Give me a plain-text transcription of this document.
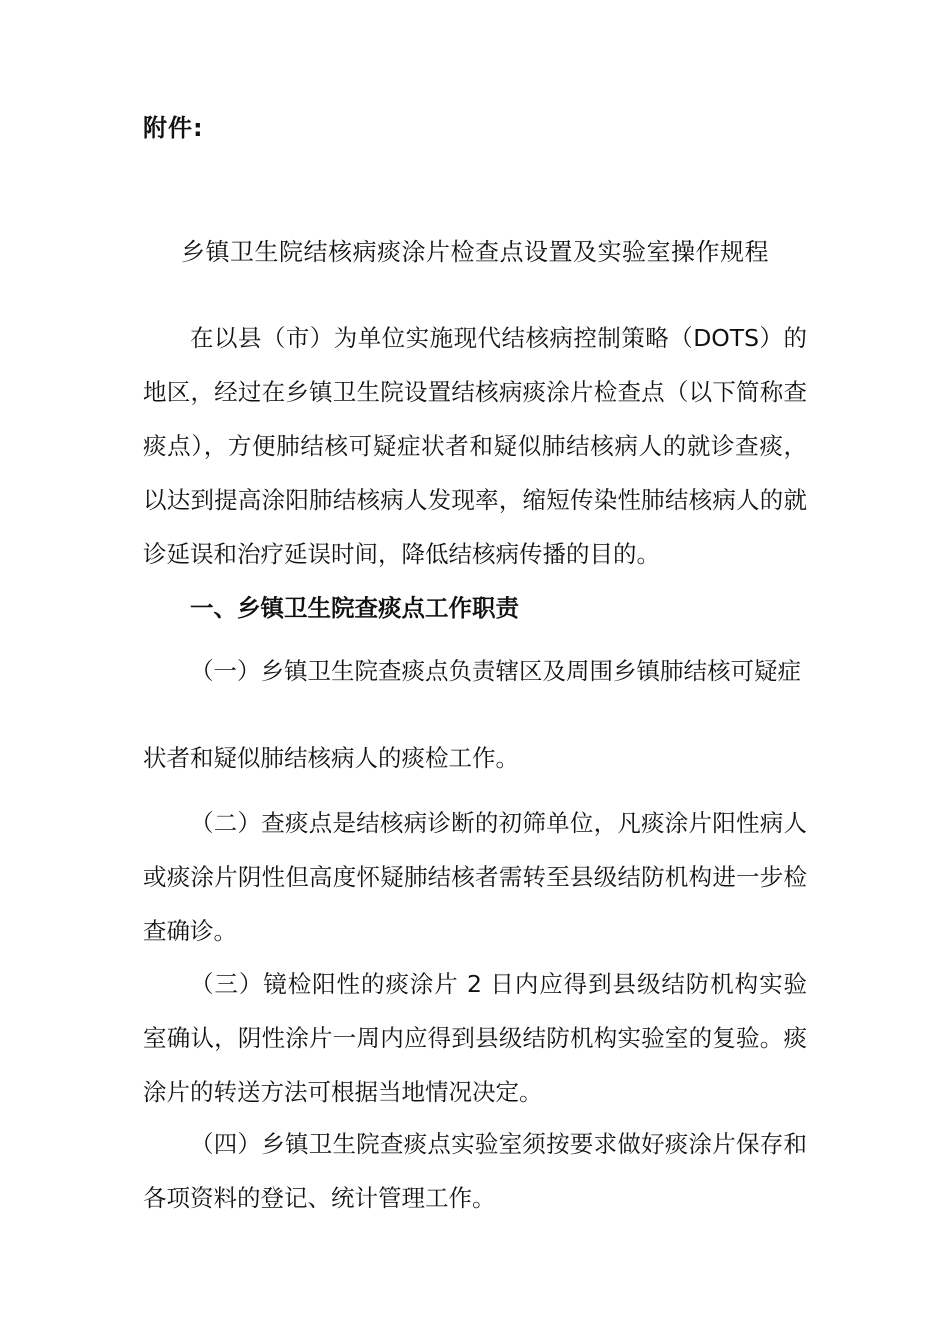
附件:
乡镇卫生院结核病痰涂片检查点设置及实验室操作规程

在以县（市）为单位实施现代结核病控制策略（DOTS）的地区，经过在乡镇卫生院设置结核病痰涂片检查点（以下简称查痰点），方便肺结核可疑症状者和疑似肺结核病人的就诊查痰，以达到提高涂阳肺结核病人发现率，缩短传染性肺结核病人的就诊延误和治疗延误时间，降低结核病传播的目的。

一、乡镇卫生院查痰点工作职责

（一）乡镇卫生院查痰点负责辖区及周围乡镇肺结核可疑症

状者和疑似肺结核病人的痰检工作。

（二）查痰点是结核病诊断的初筛单位，凡痰涂片阳性病人或痰涂片阴性但高度怀疑肺结核者需转至县级结防机构进一步检查确诊。

（三）镜检阳性的痰涂片 2 日内应得到县级结防机构实验室确认，阴性涂片一周内应得到县级结防机构实验室的复验。痰涂片的转送方法可根据当地情况决定。

（四）乡镇卫生院查痰点实验室须按要求做好痰涂片保存和各项资料的登记、统计管理工作。
